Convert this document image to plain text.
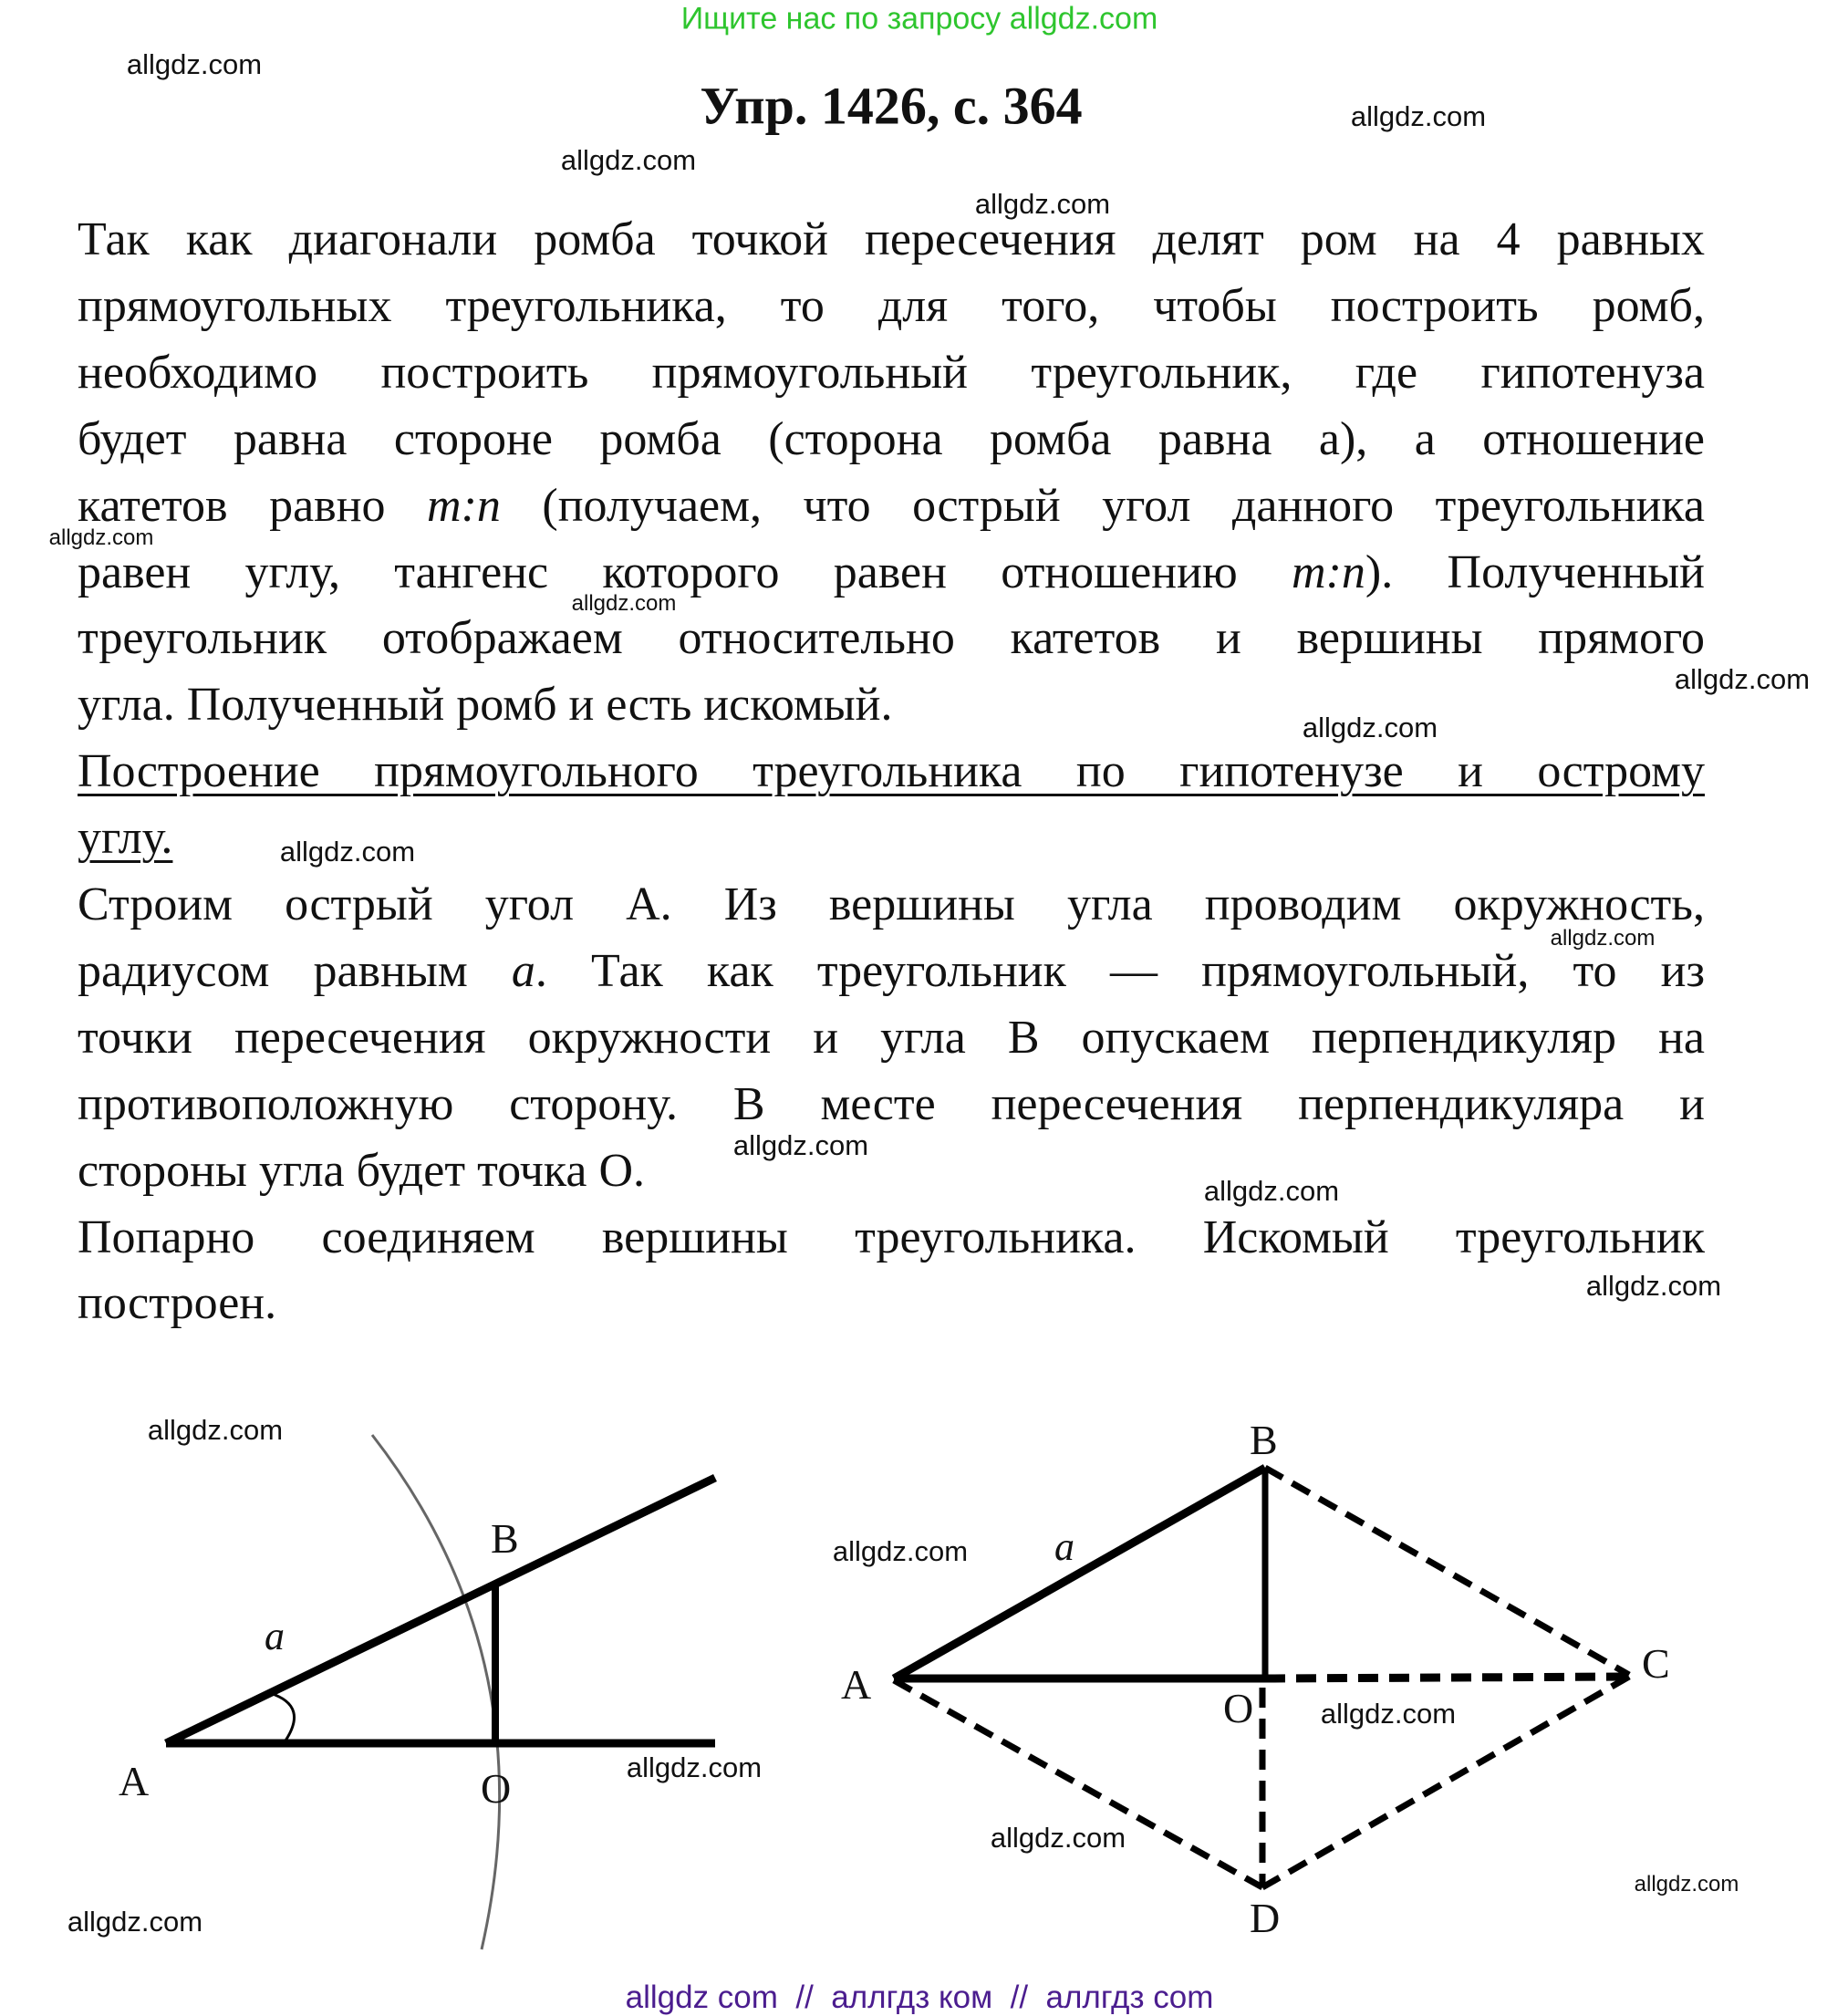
Ищите нас по запросу allgdz.com
Упр. 1426, с. 364
Так как диагонали ромба точкой пересечения делят ром на 4 равных
прямоугольных треугольника, то для того, чтобы построить ромб,
необходимо построить прямоугольный треугольник, где гипотенуза
будет равна стороне ромба (сторона ромба равна а), а отношение
катетов равно m:n (получаем, что острый угол данного треугольника
равен углу, тангенс которого равен отношению m:n). Полученный
треугольник отображаем относительно катетов и вершины прямого
угла. Полученный ромб и есть искомый.
Построение прямоугольного треугольника по гипотенузе и острому
углу.
Строим острый угол А. Из вершины угла проводим окружность,
радиусом равным a. Так как треугольник — прямоугольный, то из
точки пересечения окружности и угла В опускаем перпендикуляр на
противоположную сторону. В месте пересечения перпендикуляра и
стороны угла будет точка О.
Попарно соединяем вершины треугольника. Искомый треугольник
построен.
A
B
O
a
B
A	C
D
O
a
allgdz.com
allgdz.com
allgdz.com
allgdz.com
allgdz.com
allgdz.com
allgdz.com
allgdz.com
allgdz.com
allgdz.com
allgdz.com
allgdz.com
allgdz.com
allgdz.com
allgdz.com
allgdz.com
allgdz.com
allgdz.com
allgdz.com
allgdz.com
allgdz com  //  аллгдз ком  //  аллгдз com
